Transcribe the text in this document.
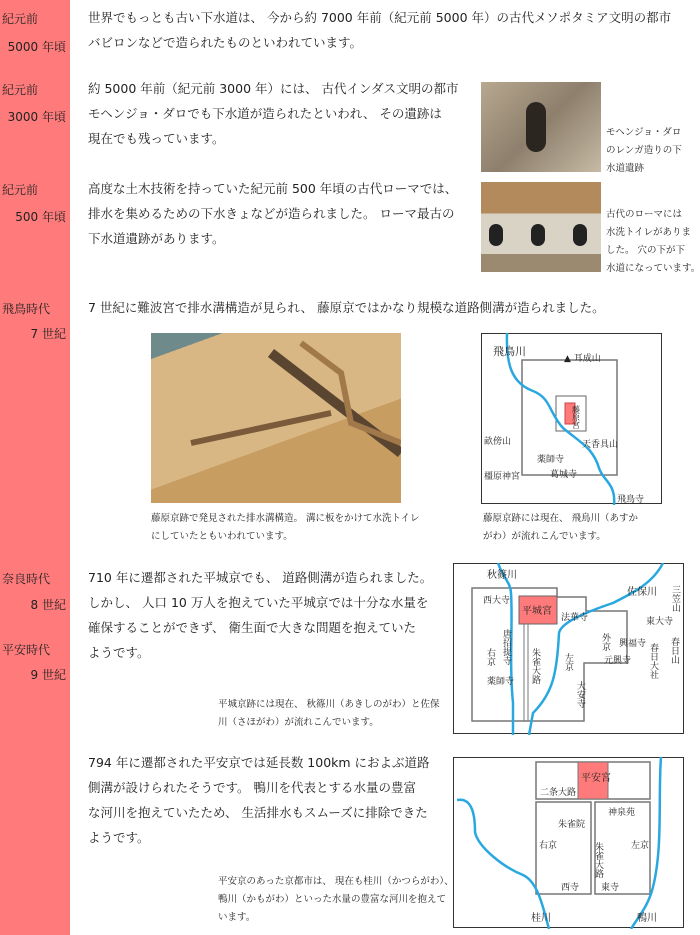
紀元前
5000 年頃
紀元前
3000 年頃
紀元前
500 年頃
飛鳥時代
7 世紀
奈良時代
8 世紀
平安時代
9 世紀
世界でもっとも古い下水道は、 今から約 7000 年前（紀元前 5000 年）の古代メソポタミア文明の都市
バビロンなどで造られたものといわれています。
約 5000 年前（紀元前 3000 年）には、 古代インダス文明の都市
モヘンジョ・ダロでも下水道が造られたといわれ、 その遺跡は
現在でも残っています。
高度な土木技術を持っていた紀元前 500 年頃の古代ローマでは、
排水を集めるための下水きょなどが造られました。 ローマ最古の
下水道遺跡があります。
7 世紀に難波宮で排水溝構造が見られ、 藤原京ではかなり規模な道路側溝が造られました。
710 年に遷都された平城京でも、 道路側溝が造られました。
しかし、 人口 10 万人を抱えていた平城京では十分な水量を
確保することができず、 衛生面で大きな問題を抱えていた
ようです。
794 年に遷都された平安京では延長数 100km におよぶ道路
側溝が設けられたそうです。 鴨川を代表とする水量の豊富
な河川を抱えていたため、 生活排水もスムーズに排除できた
ようです。
モヘンジョ・ダロ
のレンガ造りの下
水道遺跡
古代のローマには
水洗トイレがありま
した。 穴の下が下
水道になっています。
藤原京跡で発見された排水溝構造。 溝に板をかけて水洗トイレ
にしていたともいわれています。
飛鳥川
▲ 耳成山
藤原宮
天香具山
畝傍山
薬師寺
橿原神宮	葛城寺
飛鳥寺
藤原京跡には現在、 飛鳥川（あすか
がわ）が流れこんでいます。
秋篠川
佐保川
平城宮
西大寺
法華寺
唐招提寺
右京	左京
外京
朱雀大路
薬師寺	大安寺
興福寺
元興寺
東大寺
春日大社
三笠山
春日山
平城京跡には現在、 秋篠川（あきしのがわ）と佐保
川（さほがわ）が流れこんでいます。
平安宮
二条大路
神泉苑
朱雀院
右京	左京
朱雀大路
西寺 東寺
桂川	鴨川
平安京のあった京都市は、 現在も桂川（かつらがわ）、
鴨川（かもがわ）といった水量の豊富な河川を抱えて
います。
